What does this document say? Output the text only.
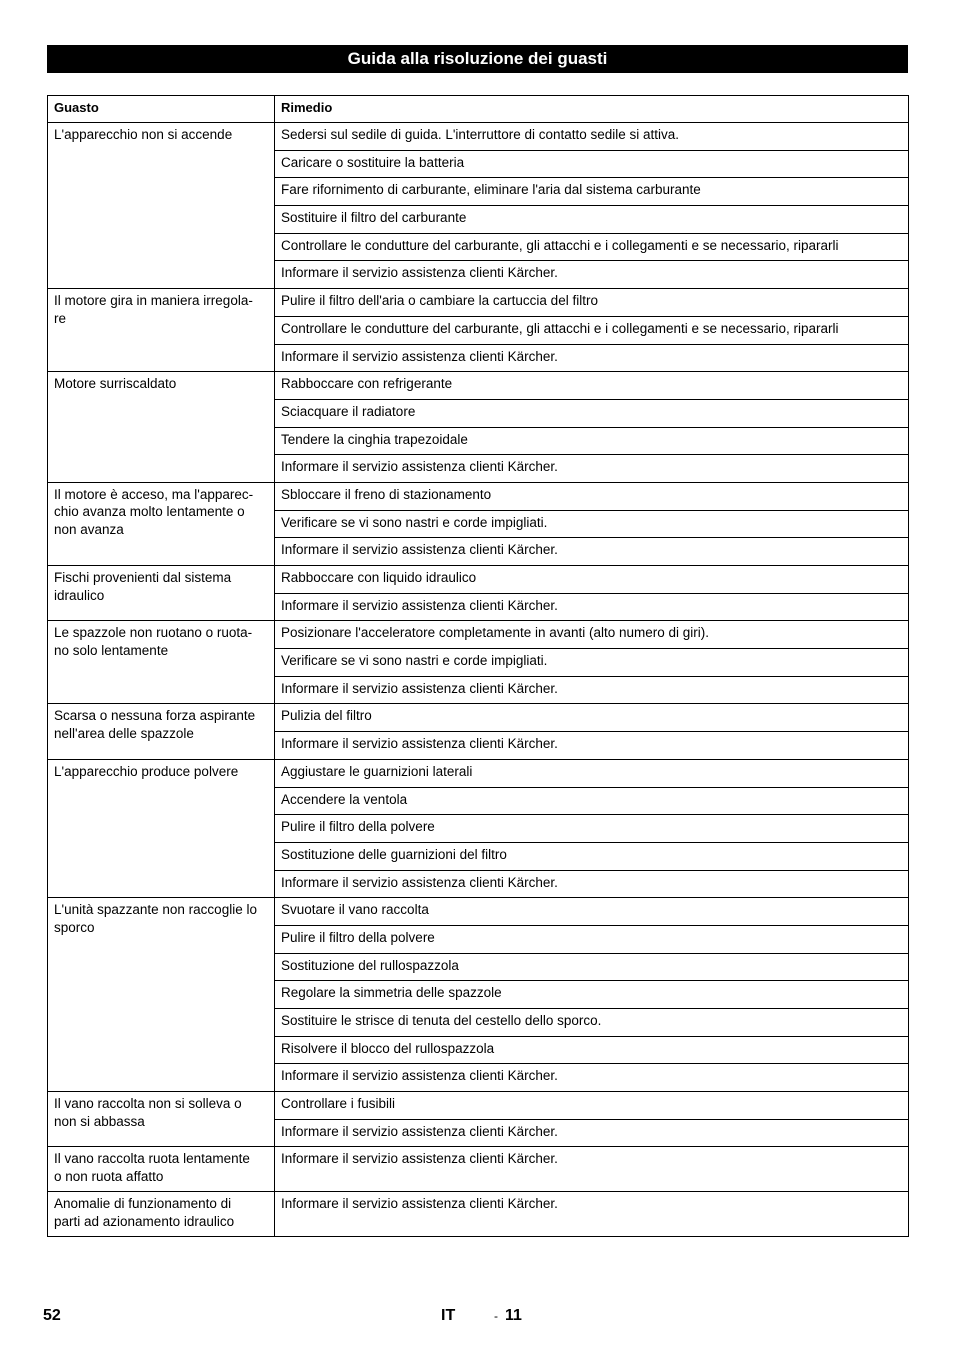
Guida alla risoluzione dei guasti
Guasto	Rimedio
L'apparecchio non si accende	Sedersi sul sedile di guida. L'interruttore di contatto sedile si attiva.
	Caricare o sostituire la batteria
	Fare rifornimento di carburante, eliminare l'aria dal sistema carburante
	Sostituire il filtro del carburante
	Controllare le condutture del carburante, gli attacchi e i collegamenti e se necessario, ripararli
	Informare il servizio assistenza clienti Kärcher.
Il motore gira in maniera irregola-
re	Pulire il filtro dell'aria o cambiare la cartuccia del filtro
	Controllare le condutture del carburante, gli attacchi e i collegamenti e se necessario, ripararli
	Informare il servizio assistenza clienti Kärcher.
Motore surriscaldato	Rabboccare con refrigerante
	Sciacquare il radiatore
	Tendere la cinghia trapezoidale
	Informare il servizio assistenza clienti Kärcher.
Il motore è acceso, ma l'apparec-
chio avanza molto lentamente o
non avanza	Sbloccare il freno di stazionamento
	Verificare se vi sono nastri e corde impigliati.
	Informare il servizio assistenza clienti Kärcher.
Fischi provenienti dal sistema
idraulico	Rabboccare con liquido idraulico
	Informare il servizio assistenza clienti Kärcher.
Le spazzole non ruotano o ruota-
no solo lentamente	Posizionare l'acceleratore completamente in avanti (alto numero di giri).
	Verificare se vi sono nastri e corde impigliati.
	Informare il servizio assistenza clienti Kärcher.
Scarsa o nessuna forza aspirante
nell'area delle spazzole	Pulizia del filtro
	Informare il servizio assistenza clienti Kärcher.
L'apparecchio produce polvere	Aggiustare le guarnizioni laterali
	Accendere la ventola
	Pulire il filtro della polvere
	Sostituzione delle guarnizioni del filtro
	Informare il servizio assistenza clienti Kärcher.
L'unità spazzante non raccoglie lo
sporco	Svuotare il vano raccolta
	Pulire il filtro della polvere
	Sostituzione del rullospazzola
	Regolare la simmetria delle spazzole
	Sostituire le strisce di tenuta del cestello dello sporco.
	Risolvere il blocco del rullospazzola
	Informare il servizio assistenza clienti Kärcher.
Il vano raccolta non si solleva o
non si abbassa	Controllare i fusibili
	Informare il servizio assistenza clienti Kärcher.
Il vano raccolta ruota lentamente
o non ruota affatto	Informare il servizio assistenza clienti Kärcher.
Anomalie di funzionamento di
parti ad azionamento idraulico	Informare il servizio assistenza clienti Kärcher.
52	IT	- 11
